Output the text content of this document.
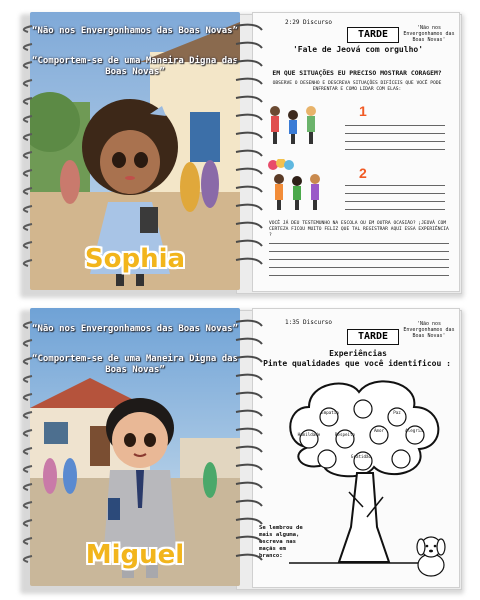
“Não nos Envergonhamos das Boas Novas”
“Comportem-se de uma Maneira Digna das Boas Novas”
Sophia
2:29 Discurso
'Não nos Envergonhamos das Boas Novas'
TARDE
'Fale de Jeová com orgulho'
EM QUE SITUAÇÕES EU PRECISO MOSTRAR CORAGEM?
OBSERVE O DESENHO E DESCREVA SITUAÇÕES DIFÍCEIS QUE VOCÊ PODE ENFRENTAR E COMO LIDAR COM ELAS:
1
2
VOCÊ JÁ DEU TESTEMUNHO NA ESCOLA OU EM OUTRA OCASIÃO? ¡JEOVÁ COM CERTEZA FICOU MUITO FELIZ QUE TAL REGISTRAR AQUI ESSA EXPERIÊNCIA ?
“Não nos Envergonhamos das Boas Novas”
“Comportem-se de uma Maneira Digna das Boas Novas”
Miguel
1:35 Discurso	'Não nos Envergonhamos das Boas Novas'
TARDE
Experiências
Pinte qualidades que você identificou :
Empatia	Paz
Humildade	Respeito
Amor	Alegria
Gratidão
Se lembrou de mais alguma, escreva nas maçãs em branco:
